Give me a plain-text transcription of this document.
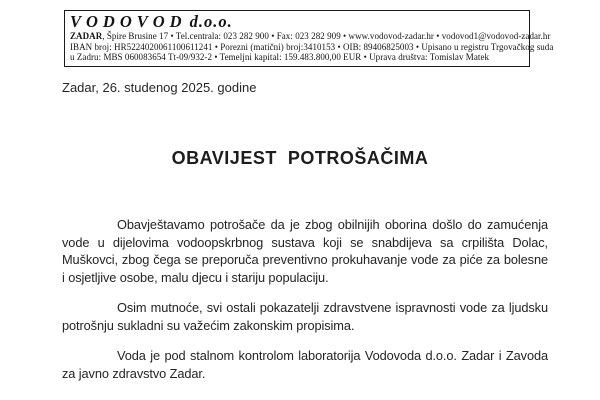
VODOVOD d.o.o.
ZADAR, Špire Brusine 17 • Tel.centrala: 023 282 900 • Fax: 023 282 909 • www.vodovod-zadar.hr • vodovod1@vodovod-zadar.hr
IBAN broj: HR5224020061100611241 • Porezni (matični) broj:3410153 • OIB: 89406825003 • Upisano u registru Trgovačkog suda
u Zadru: MBS 060083654 Tt-09/932-2 • Temeljni kapital: 159.483.800,00 EUR • Uprava društva: Tomislav Matek
Zadar, 26. studenog 2025. godine
OBAVIJEST  POTROŠAČIMA

Obavještavamo potrošače da je zbog obilnijih oborina došlo do zamućenja vode u dijelovima vodoopskrbnog sustava koji se snabdijeva sa crpilišta Dolac, Muškovci, zbog čega se preporuča preventivno prokuhavanje vode za piće za bolesne i osjetljive osobe, malu djecu i stariju populaciju.

Osim mutnoće, svi ostali pokazatelji zdravstvene ispravnosti vode za ljudsku potrošnju sukladni su važećim zakonskim propisima.

Voda je pod stalnom kontrolom laboratorija Vodovoda d.o.o. Zadar i Zavoda za javno zdravstvo Zadar.
